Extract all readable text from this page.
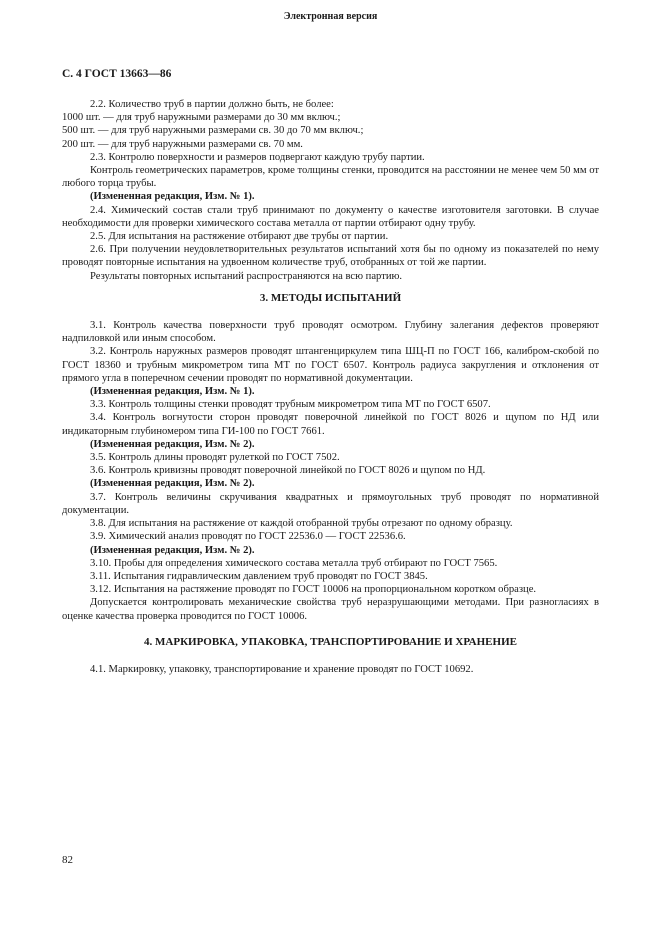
Электронная версия
С. 4 ГОСТ 13663—86

2.2. Количество труб в партии должно быть, не более:

1000 шт. — для труб наружными размерами до 30 мм включ.;

500 шт. — для труб наружными размерами св. 30 до 70 мм включ.;

200 шт. — для труб наружными размерами св. 70 мм.

2.3. Контролю поверхности и размеров подвергают каждую трубу партии.

Контроль геометрических параметров, кроме толщины стенки, проводится на расстоянии не менее чем 50 мм от любого торца трубы.

(Измененная редакция, Изм. № 1).

2.4. Химический состав стали труб принимают по документу о качестве изготовителя заготовки. В случае необходимости для проверки химического состава металла от партии отбирают одну трубу.

2.5. Для испытания на растяжение отбирают две трубы от партии.

2.6. При получении неудовлетворительных результатов испытаний хотя бы по одному из показателей по нему проводят повторные испытания на удвоенном количестве труб, отобранных от той же партии.

Результаты повторных испытаний распространяются на всю партию.

3. МЕТОДЫ ИСПЫТАНИЙ

3.1. Контроль качества поверхности труб проводят осмотром. Глубину залегания дефектов проверяют надпиловкой или иным способом.

3.2. Контроль наружных размеров проводят штангенциркулем типа ШЦ-П по ГОСТ 166, калибром-скобой по ГОСТ 18360 и трубным микрометром типа МТ по ГОСТ 6507. Контроль радиуса закругления и отклонения от прямого угла в поперечном сечении проводят по нормативной документации.

(Измененная редакция, Изм. № 1).

3.3. Контроль толщины стенки проводят трубным микрометром типа МТ по ГОСТ 6507.

3.4. Контроль вогнутости сторон проводят поверочной линейкой по ГОСТ 8026 и щупом по НД или индикаторным глубиномером типа ГИ-100 по ГОСТ 7661.

(Измененная редакция, Изм. № 2).

3.5. Контроль длины проводят рулеткой по ГОСТ 7502.

3.6. Контроль кривизны проводят поверочной линейкой по ГОСТ 8026 и щупом по НД.

(Измененная редакция, Изм. № 2).

3.7. Контроль величины скручивания квадратных и прямоугольных труб проводят по нормативной документации.

3.8. Для испытания на растяжение от каждой отобранной трубы отрезают по одному образцу.

3.9. Химический анализ проводят по ГОСТ 22536.0 — ГОСТ 22536.6.

(Измененная редакция, Изм. № 2).

3.10. Пробы для определения химического состава металла труб отбирают по ГОСТ 7565.

3.11. Испытания гидравлическим давлением труб проводят по ГОСТ 3845.

3.12. Испытания на растяжение проводят по ГОСТ 10006 на пропорциональном коротком образце.

Допускается контролировать механические свойства труб неразрушающими методами. При разногласиях в оценке качества проверка проводится по ГОСТ 10006.

4. МАРКИРОВКА, УПАКОВКА, ТРАНСПОРТИРОВАНИЕ И ХРАНЕНИЕ

4.1. Маркировку, упаковку, транспортирование и хранение проводят по ГОСТ 10692.

82
